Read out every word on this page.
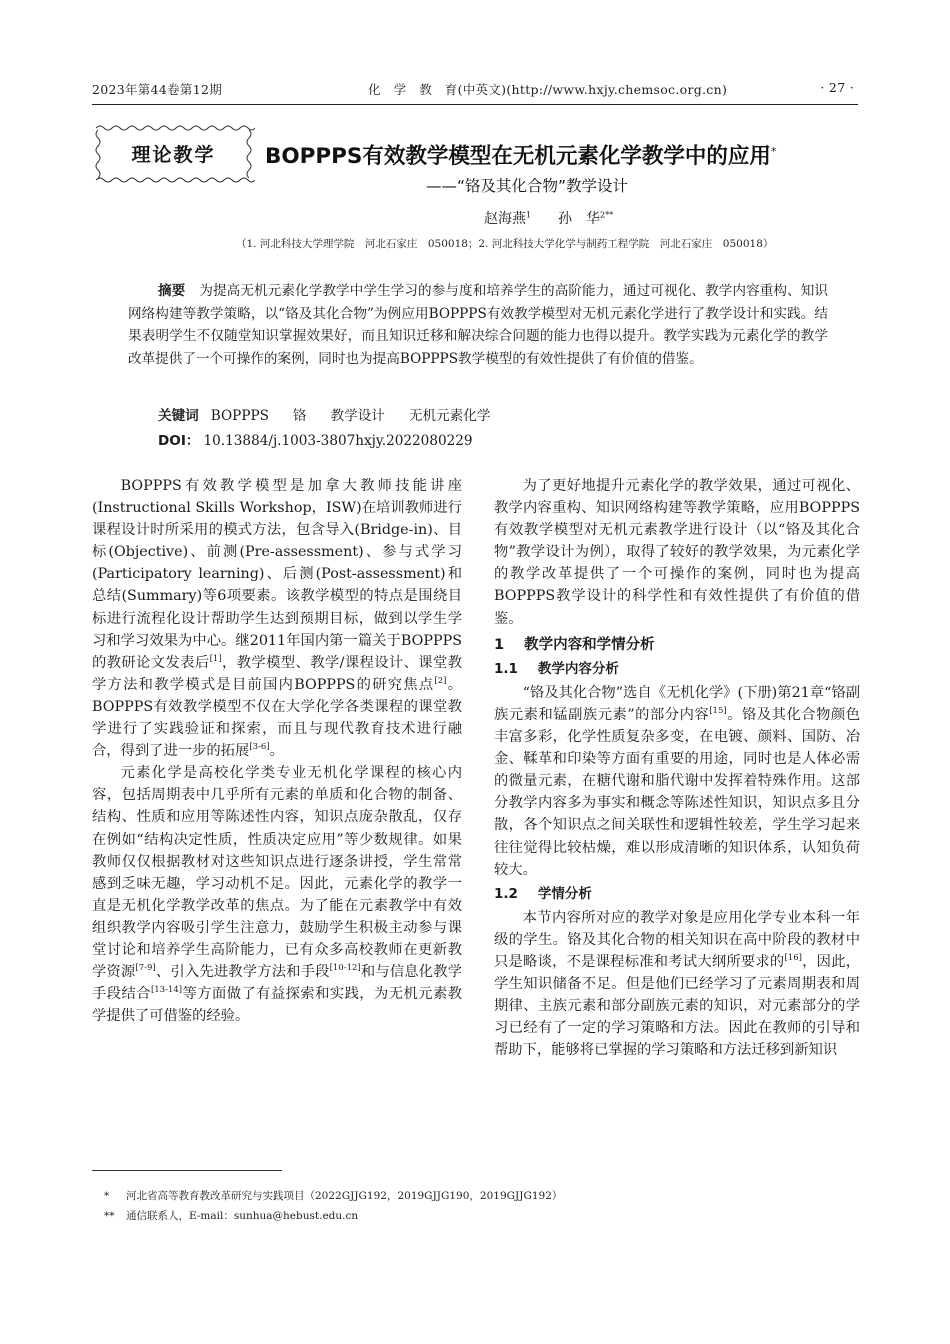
2023年第44卷第12期	化　学　教　育(中英文)(http://www.hxjy.chemsoc.org.cn)	· 27 ·
理论教学	BOPPPS有效教学模型在无机元素化学教学中的应用*
——“铬及其化合物”教学设计
赵海燕$^1$ 孙　华$^{2**}$
（1. 河北科技大学理学院　河北石家庄　050018；2. 河北科技大学化学与制药工程学院　河北石家庄　050018）
摘要 为提高无机元素化学教学中学生学习的参与度和培养学生的高阶能力，通过可视化、教学内容重构、知识网络构建等教学策略，以“铬及其化合物”为例应用BOPPPS有效教学模型对无机元素化学进行了教学设计和实践。结果表明学生不仅随堂知识掌握效果好，而且知识迁移和解决综合问题的能力也得以提升。教学实践为元素化学的教学改革提供了一个可操作的案例，同时也为提高BOPPPS教学模型的有效性提供了有价值的借鉴。
关键词 BOPPPS 铬 教学设计 无机元素化学
DOI： 10.13884/j.1003-3807hxjy.2022080229

BOPPPS有效教学模型是加拿大教师技能讲座(Instructional Skills Workshop，ISW)在培训教师进行课程设计时所采用的模式方法，包含导入(Bridge-in)、目标(Objective)、前测(Pre-assessment)、参与式学习(Participatory learning)、后测(Post-assessment)和总结(Summary)等6项要素。该教学模型的特点是围绕目标进行流程化设计帮助学生达到预期目标，做到以学生学习和学习效果为中心。继2011年国内第一篇关于BOPPPS的教研论文发表后[1]，教学模型、教学/课程设计、课堂教学方法和教学模式是目前国内BOPPPS的研究焦点[2]。BOPPPS有效教学模型不仅在大学化学各类课程的课堂教学进行了实践验证和探索，而且与现代教育技术进行融合，得到了进一步的拓展[3-6]。

元素化学是高校化学类专业无机化学课程的核心内容，包括周期表中几乎所有元素的单质和化合物的制备、结构、性质和应用等陈述性内容，知识点庞杂散乱，仅存在例如“结构决定性质，性质决定应用”等少数规律。如果教师仅仅根据教材对这些知识点进行逐条讲授，学生常常感到乏味无趣，学习动机不足。因此，元素化学的教学一直是无机化学教学改革的焦点。为了能在元素教学中有效组织教学内容吸引学生注意力，鼓励学生积极主动参与课堂讨论和培养学生高阶能力，已有众多高校教师在更新教学资源[7-9]、引入先进教学方法和手段[10-12]和与信息化教学手段结合[13-14]等方面做了有益探索和实践，为无机元素教学提供了可借鉴的经验。

为了更好地提升元素化学的教学效果，通过可视化、教学内容重构、知识网络构建等教学策略，应用BOPPPS有效教学模型对无机元素教学进行设计（以“铬及其化合物”教学设计为例），取得了较好的教学效果，为元素化学的教学改革提供了一个可操作的案例，同时也为提高BOPPPS教学设计的科学性和有效性提供了有价值的借鉴。

1 教学内容和学情分析
1.1 教学内容分析

“铬及其化合物”选自《无机化学》(下册)第21章“铬副族元素和锰副族元素”的部分内容[15]。铬及其化合物颜色丰富多彩，化学性质复杂多变，在电镀、颜料、国防、冶金、鞣革和印染等方面有重要的用途，同时也是人体必需的微量元素，在糖代谢和脂代谢中发挥着特殊作用。这部分教学内容多为事实和概念等陈述性知识，知识点多且分散，各个知识点之间关联性和逻辑性较差，学生学习起来往往觉得比较枯燥，难以形成清晰的知识体系，认知负荷较大。

1.2 学情分析

本节内容所对应的教学对象是应用化学专业本科一年级的学生。铬及其化合物的相关知识在高中阶段的教材中只是略谈，不是课程标准和考试大纲所要求的[16]，因此，学生知识储备不足。但是他们已经学习了元素周期表和周期律、主族元素和部分副族元素的知识，对元素部分的学习已经有了一定的学习策略和方法。因此在教师的引导和帮助下，能够将已掌握的学习策略和方法迁移到新知识

* 河北省高等教育教改革研究与实践项目（2022GJJG192，2019GJJG190，2019GJJG192）
** 通信联系人，E-mail：sunhua@hebust.edu.cn
